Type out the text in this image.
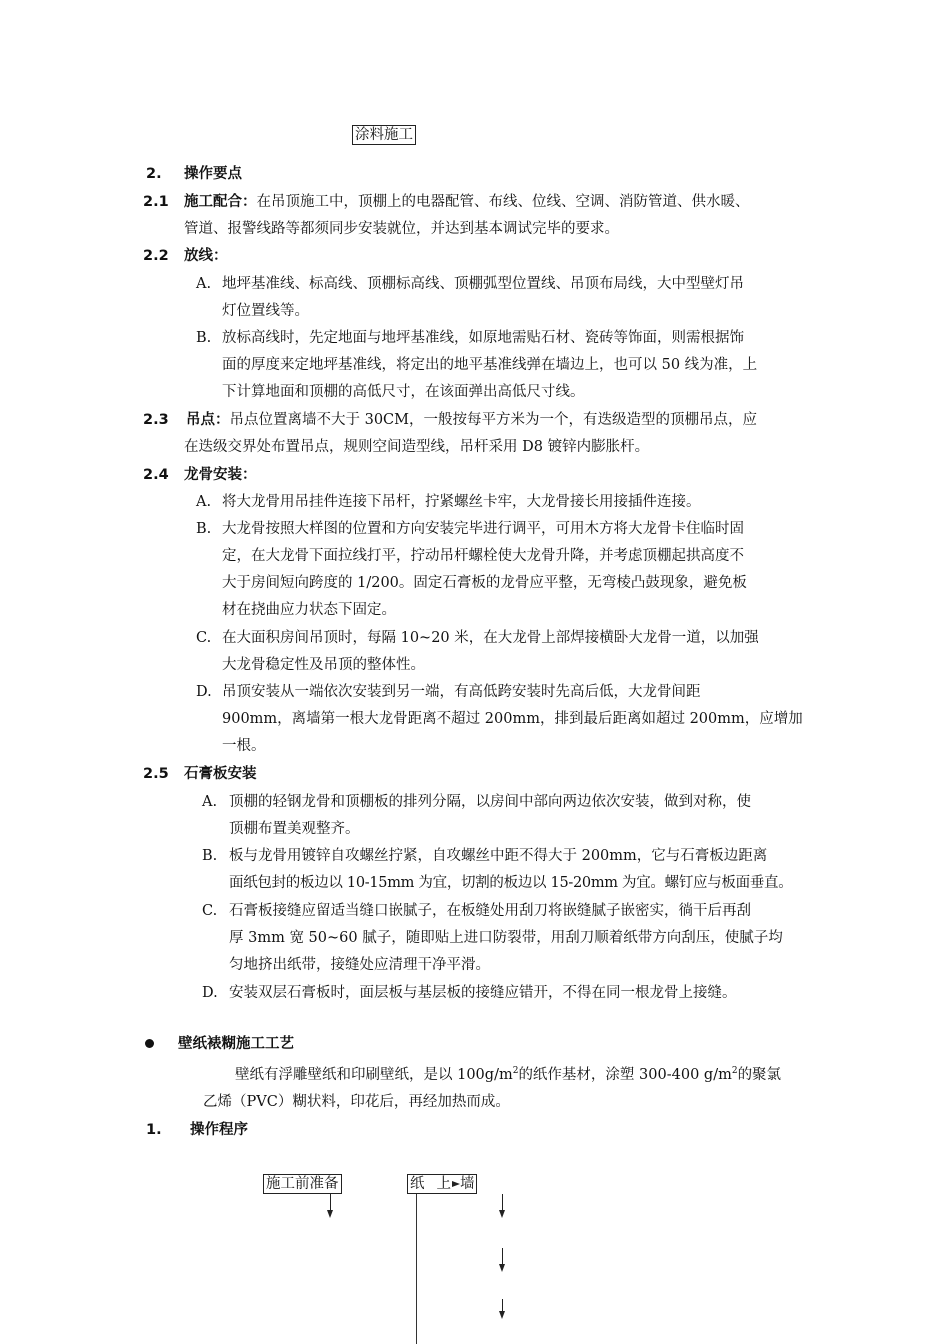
涂料施工
2. 操作要点
2.1 施工配合：在吊顶施工中，顶棚上的电器配管、布线、位线、空调、消防管道、供水暖、
管道、报警线路等都须同步安装就位，并达到基本调试完毕的要求。
2.2 放线：
A. 地坪基准线、标高线、顶棚标高线、顶棚弧型位置线、吊顶布局线，大中型壁灯吊
灯位置线等。
B. 放标高线时，先定地面与地坪基准线，如原地需贴石材、瓷砖等饰面，则需根据饰
面的厚度来定地坪基准线，将定出的地平基准线弹在墙边上，也可以 50 线为准，上
下计算地面和顶棚的高低尺寸，在该面弹出高低尺寸线。
2.3 吊点：吊点位置离墙不大于 30CM，一般按每平方米为一个，有迭级造型的顶棚吊点，应
在迭级交界处布置吊点，规则空间造型线，吊杆采用 D8 镀锌内膨胀杆。
2.4 龙骨安装：
A. 将大龙骨用吊挂件连接下吊杆，拧紧螺丝卡牢，大龙骨接长用接插件连接。
B. 大龙骨按照大样图的位置和方向安装完毕进行调平，可用木方将大龙骨卡住临时固
定，在大龙骨下面拉线打平，拧动吊杆螺栓使大龙骨升降，并考虑顶棚起拱高度不
大于房间短向跨度的 1/200。固定石膏板的龙骨应平整，无弯棱凸鼓现象，避免板
材在挠曲应力状态下固定。
C. 在大面积房间吊顶时，每隔 10~20 米，在大龙骨上部焊接横卧大龙骨一道，以加强
大龙骨稳定性及吊顶的整体性。
D. 吊顶安装从一端依次安装到另一端，有高低跨安装时先高后低，大龙骨间距
900mm，离墙第一根大龙骨距离不超过 200mm，排到最后距离如超过 200mm，应增加
一根。
2.5 石膏板安装
A. 顶棚的轻钢龙骨和顶棚板的排列分隔，以房间中部向两边依次安装，做到对称，使
顶棚布置美观整齐。
B. 板与龙骨用镀锌自攻螺丝拧紧，自攻螺丝中距不得大于 200mm，它与石膏板边距离
面纸包封的板边以 10-15mm 为宜，切割的板边以 15-20mm 为宜。螺钉应与板面垂直。
C. 石膏板接缝应留适当缝口嵌腻子，在板缝处用刮刀将嵌缝腻子嵌密实，徜干后再刮
厚 3mm 宽 50~60 腻子，随即贴上进口防裂带，用刮刀顺着纸带方向刮压，使腻子均
匀地挤出纸带，接缝处应清理干净平滑。
D. 安装双层石膏板时，面层板与基层板的接缝应错开，不得在同一根龙骨上接缝。
壁纸裱糊施工工艺
壁纸有浮雕壁纸和印刷壁纸，是以 $100g/m^2$的纸作基材，涂塑 300-400 $g/m^2$的聚氯
乙烯（PVC）糊状料，印花后，再经加热而成。
1. 操作程序
施工前准备	纸 上 墙
